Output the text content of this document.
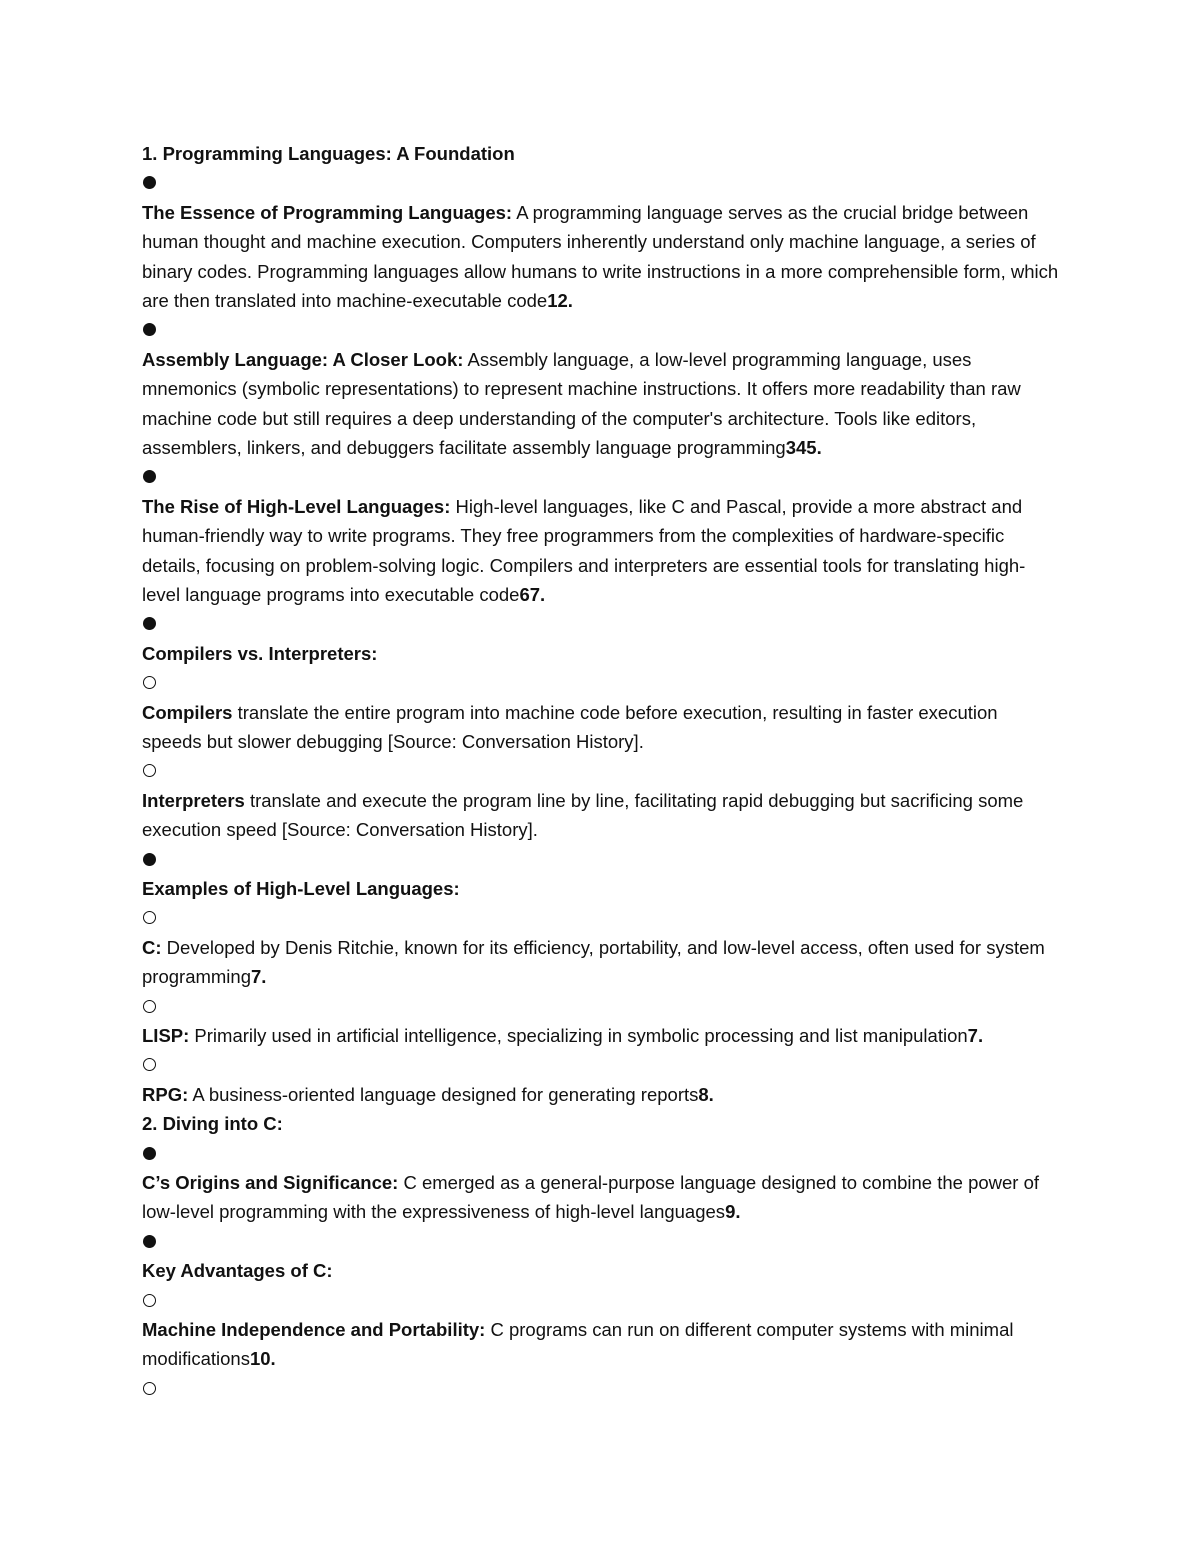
1. Programming Languages: A Foundation

The Essence of Programming Languages: A programming language serves as the crucial bridge between human thought and machine execution. Computers inherently understand only machine language, a series of binary codes. Programming languages allow humans to write instructions in a more comprehensible form, which are then translated into machine-executable code12.

Assembly Language: A Closer Look: Assembly language, a low-level programming language, uses mnemonics (symbolic representations) to represent machine instructions. It offers more readability than raw machine code but still requires a deep understanding of the computer's architecture. Tools like editors, assemblers, linkers, and debuggers facilitate assembly language programming345.

The Rise of High-Level Languages: High-level languages, like C and Pascal, provide a more abstract and human-friendly way to write programs. They free programmers from the complexities of hardware-specific details, focusing on problem-solving logic. Compilers and interpreters are essential tools for translating high-level language programs into executable code67.

Compilers vs. Interpreters:

Compilers translate the entire program into machine code before execution, resulting in faster execution speeds but slower debugging [Source: Conversation History].

Interpreters translate and execute the program line by line, facilitating rapid debugging but sacrificing some execution speed [Source: Conversation History].

Examples of High-Level Languages:

C: Developed by Denis Ritchie, known for its efficiency, portability, and low-level access, often used for system programming7.

LISP: Primarily used in artificial intelligence, specializing in symbolic processing and list manipulation7.

RPG: A business-oriented language designed for generating reports8.

2. Diving into C:

C’s Origins and Significance: C emerged as a general-purpose language designed to combine the power of low-level programming with the expressiveness of high-level languages9.

Key Advantages of C:

Machine Independence and Portability: C programs can run on different computer systems with minimal modifications10.
